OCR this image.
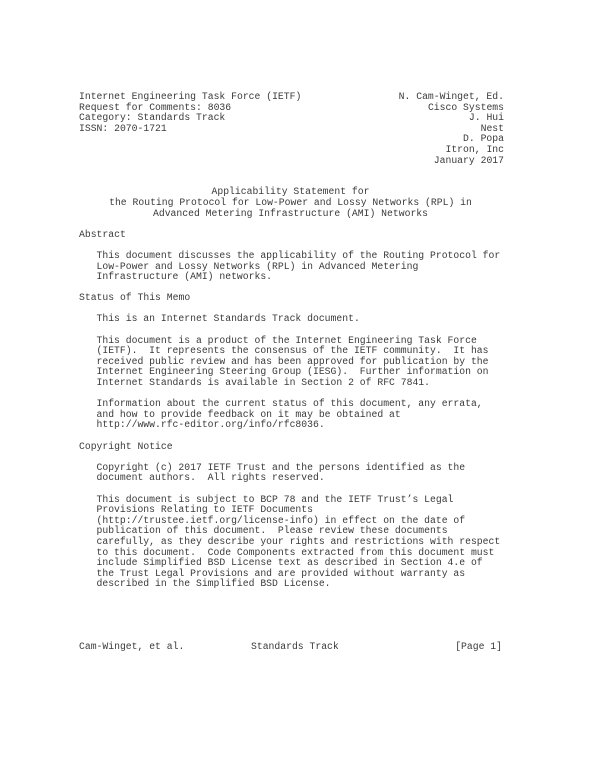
Internet Engineering Task Force (IETF)	N. Cam-Winget, Ed.
Request for Comments: 8036	Cisco Systems
Category: Standards Track	J. Hui
ISSN: 2070-1721	Nest
D. Popa
Itron, Inc
January 2017
Applicability Statement for
the Routing Protocol for Low-Power and Lossy Networks (RPL) in
Advanced Metering Infrastructure (AMI) Networks
Abstract
This document discusses the applicability of the Routing Protocol for
Low-Power and Lossy Networks (RPL) in Advanced Metering
Infrastructure (AMI) networks.
Status of This Memo
This is an Internet Standards Track document.
This document is a product of the Internet Engineering Task Force
(IETF).  It represents the consensus of the IETF community.  It has
received public review and has been approved for publication by the
Internet Engineering Steering Group (IESG).  Further information on
Internet Standards is available in Section 2 of RFC 7841.
Information about the current status of this document, any errata,
and how to provide feedback on it may be obtained at
http://www.rfc-editor.org/info/rfc8036.
Copyright Notice
Copyright (c) 2017 IETF Trust and the persons identified as the
document authors.  All rights reserved.
This document is subject to BCP 78 and the IETF Trust’s Legal
Provisions Relating to IETF Documents
(http://trustee.ietf.org/license-info) in effect on the date of
publication of this document.  Please review these documents
carefully, as they describe your rights and restrictions with respect
to this document.  Code Components extracted from this document must
include Simplified BSD License text as described in Section 4.e of
the Trust Legal Provisions and are provided without warranty as
described in the Simplified BSD License.
Cam-Winget, et al.	Standards Track	[Page 1]
